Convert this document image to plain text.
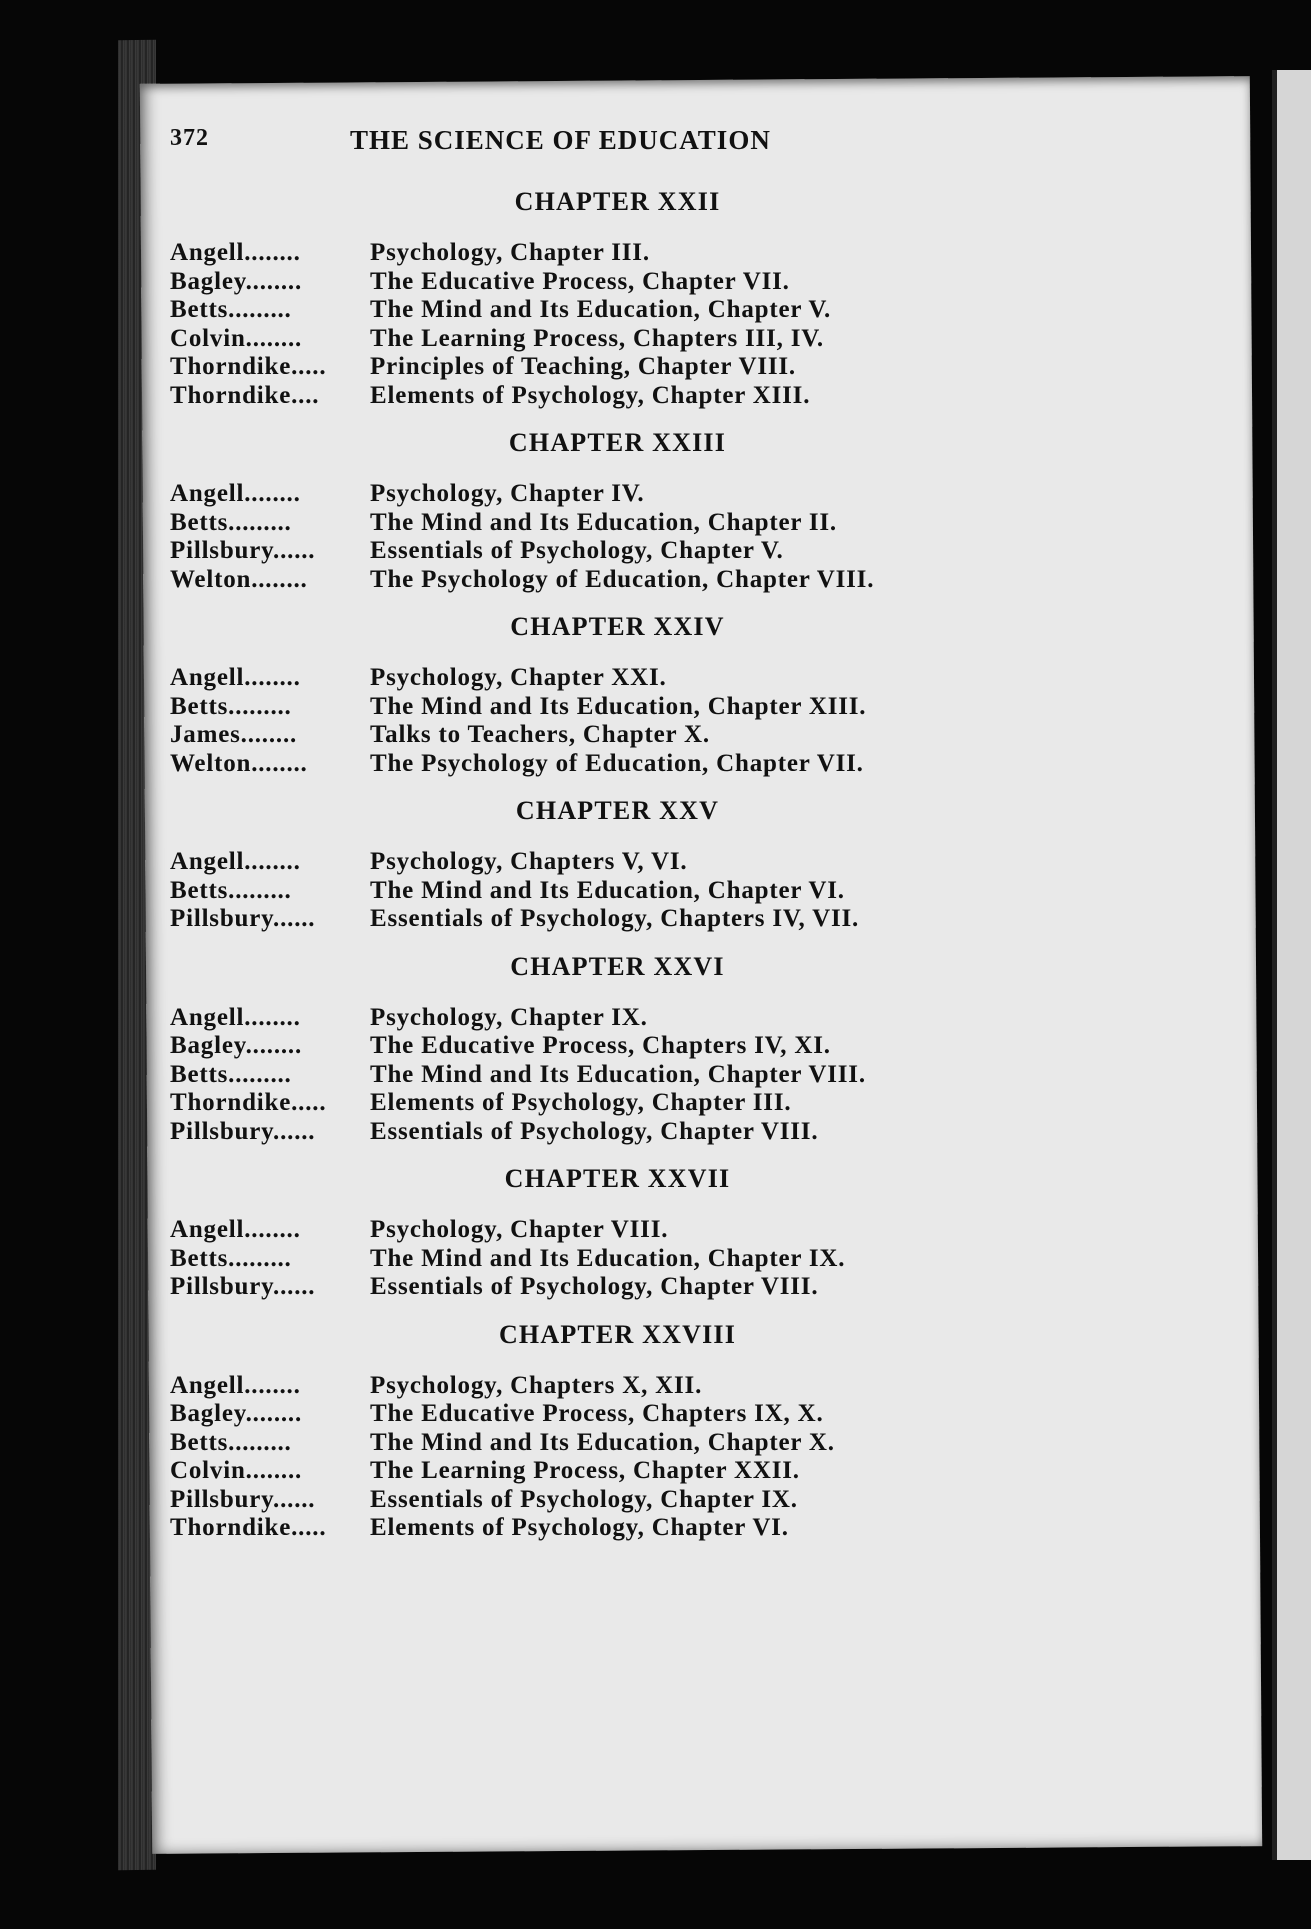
372	THE SCIENCE OF EDUCATION
CHAPTER XXII
Angell........	Psychology, Chapter III.
Bagley........	The Educative Process, Chapter VII.
Betts.........	The Mind and Its Education, Chapter V.
Colvin........	The Learning Process, Chapters III, IV.
Thorndike.....	Principles of Teaching, Chapter VIII.
Thorndike....	Elements of Psychology, Chapter XIII.
CHAPTER XXIII
Angell........	Psychology, Chapter IV.
Betts.........	The Mind and Its Education, Chapter II.
Pillsbury......	Essentials of Psychology, Chapter V.
Welton........	The Psychology of Education, Chapter VIII.
CHAPTER XXIV
Angell........	Psychology, Chapter XXI.
Betts.........	The Mind and Its Education, Chapter XIII.
James........	Talks to Teachers, Chapter X.
Welton........	The Psychology of Education, Chapter VII.
CHAPTER XXV
Angell........	Psychology, Chapters V, VI.
Betts.........	The Mind and Its Education, Chapter VI.
Pillsbury......	Essentials of Psychology, Chapters IV, VII.
CHAPTER XXVI
Angell........	Psychology, Chapter IX.
Bagley........	The Educative Process, Chapters IV, XI.
Betts.........	The Mind and Its Education, Chapter VIII.
Thorndike.....	Elements of Psychology, Chapter III.
Pillsbury......	Essentials of Psychology, Chapter VIII.
CHAPTER XXVII
Angell........	Psychology, Chapter VIII.
Betts.........	The Mind and Its Education, Chapter IX.
Pillsbury......	Essentials of Psychology, Chapter VIII.
CHAPTER XXVIII
Angell........	Psychology, Chapters X, XII.
Bagley........	The Educative Process, Chapters IX, X.
Betts.........	The Mind and Its Education, Chapter X.
Colvin........	The Learning Process, Chapter XXII.
Pillsbury......	Essentials of Psychology, Chapter IX.
Thorndike.....	Elements of Psychology, Chapter VI.
